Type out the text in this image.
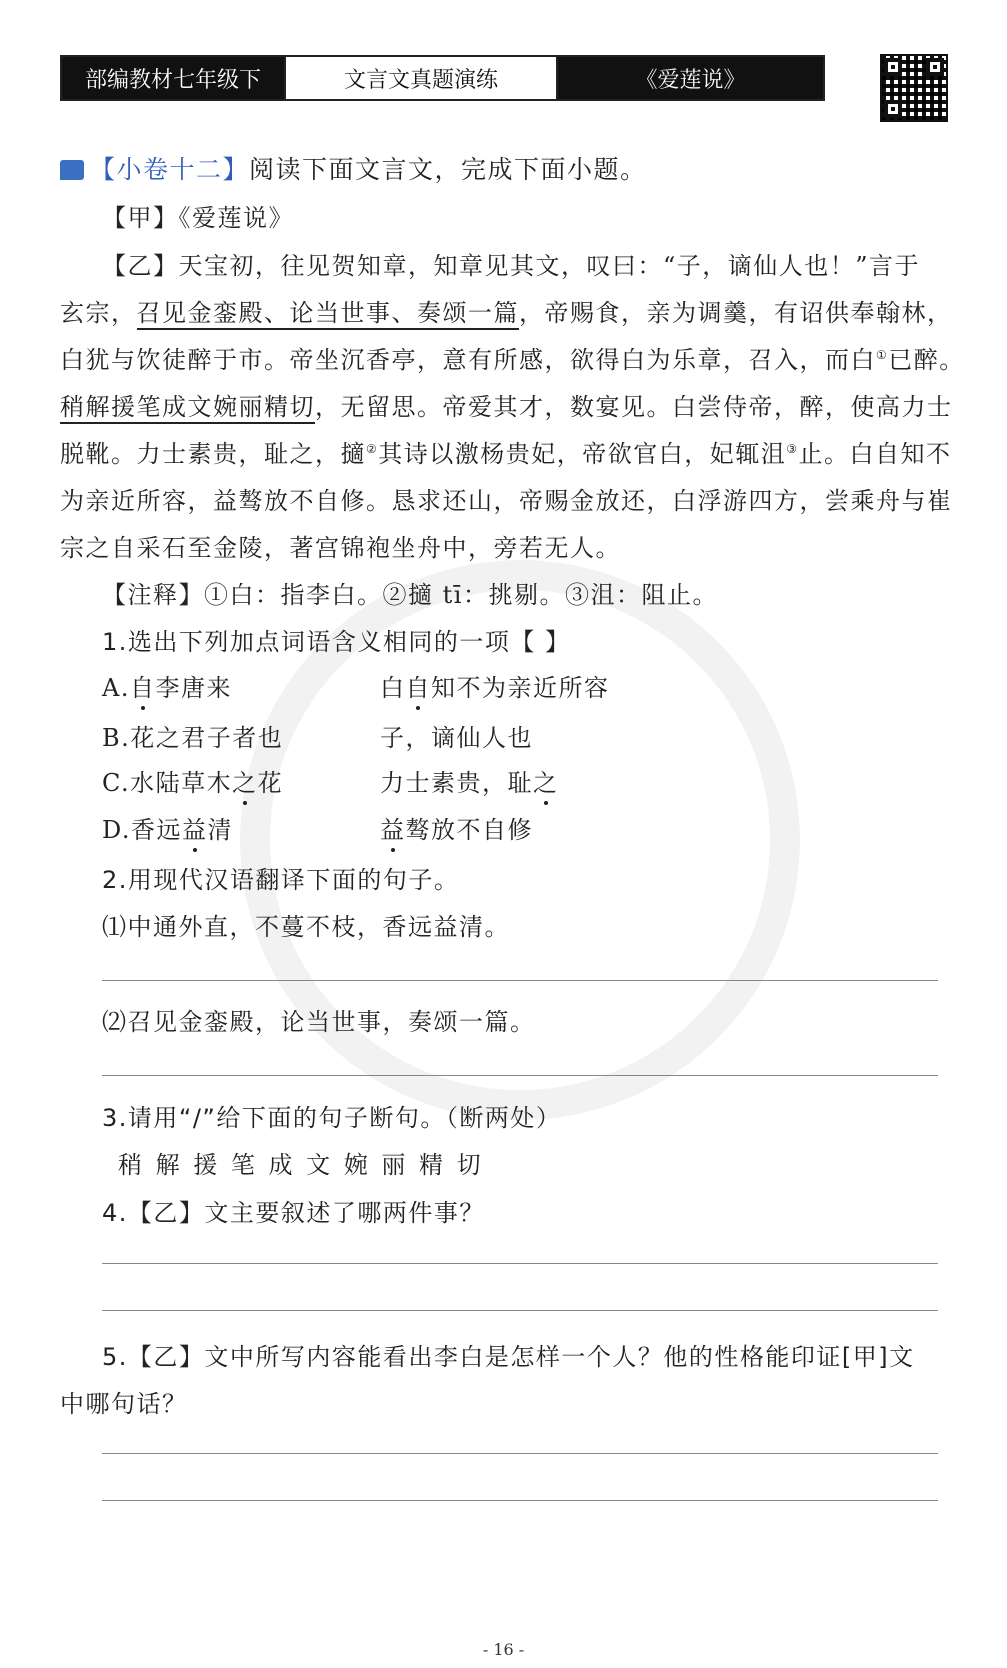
部编教材七年级下	文言文真题演练	《爱莲说》
【小卷十二】阅读下面文言文，完成下面小题。
【甲】《爱莲说》
【乙】天宝初，往见贺知章，知章见其文，叹曰：“子，谪仙人也！”言于
玄宗，召见金銮殿、论当世事、奏颂一篇，帝赐食，亲为调羹，有诏供奉翰林，
白犹与饮徒醉于市。帝坐沉香亭，意有所感，欲得白为乐章，召入，而白①已醉。
稍解援笔成文婉丽精切，无留思。帝爱其才，数宴见。白尝侍帝，醉，使高力士
脱靴。力士素贵，耻之，擿②其诗以激杨贵妃，帝欲官白，妃辄沮③止。白自知不
为亲近所容，益骜放不自修。恳求还山，帝赐金放还，白浮游四方，尝乘舟与崔
宗之自采石至金陵，著宫锦袍坐舟中，旁若无人。
【注释】①白：指李白。②擿 tī：挑剔。③沮：阻止。
1.选出下列加点词语含义相同的一项【 】
A.自李唐来	白自知不为亲近所容
B.花之君子者也	子，谪仙人也
C.水陆草木之花	力士素贵，耻之
D.香远益清	益骜放不自修
2.用现代汉语翻译下面的句子。
⑴中通外直，不蔓不枝，香远益清。
⑵召见金銮殿，论当世事，奏颂一篇。
3.请用“/”给下面的句子断句。（断两处）
稍 解 援 笔 成 文 婉 丽 精 切
4.【乙】文主要叙述了哪两件事？
5.【乙】文中所写内容能看出李白是怎样一个人？他的性格能印证[甲]文
中哪句话？
- 16 -
